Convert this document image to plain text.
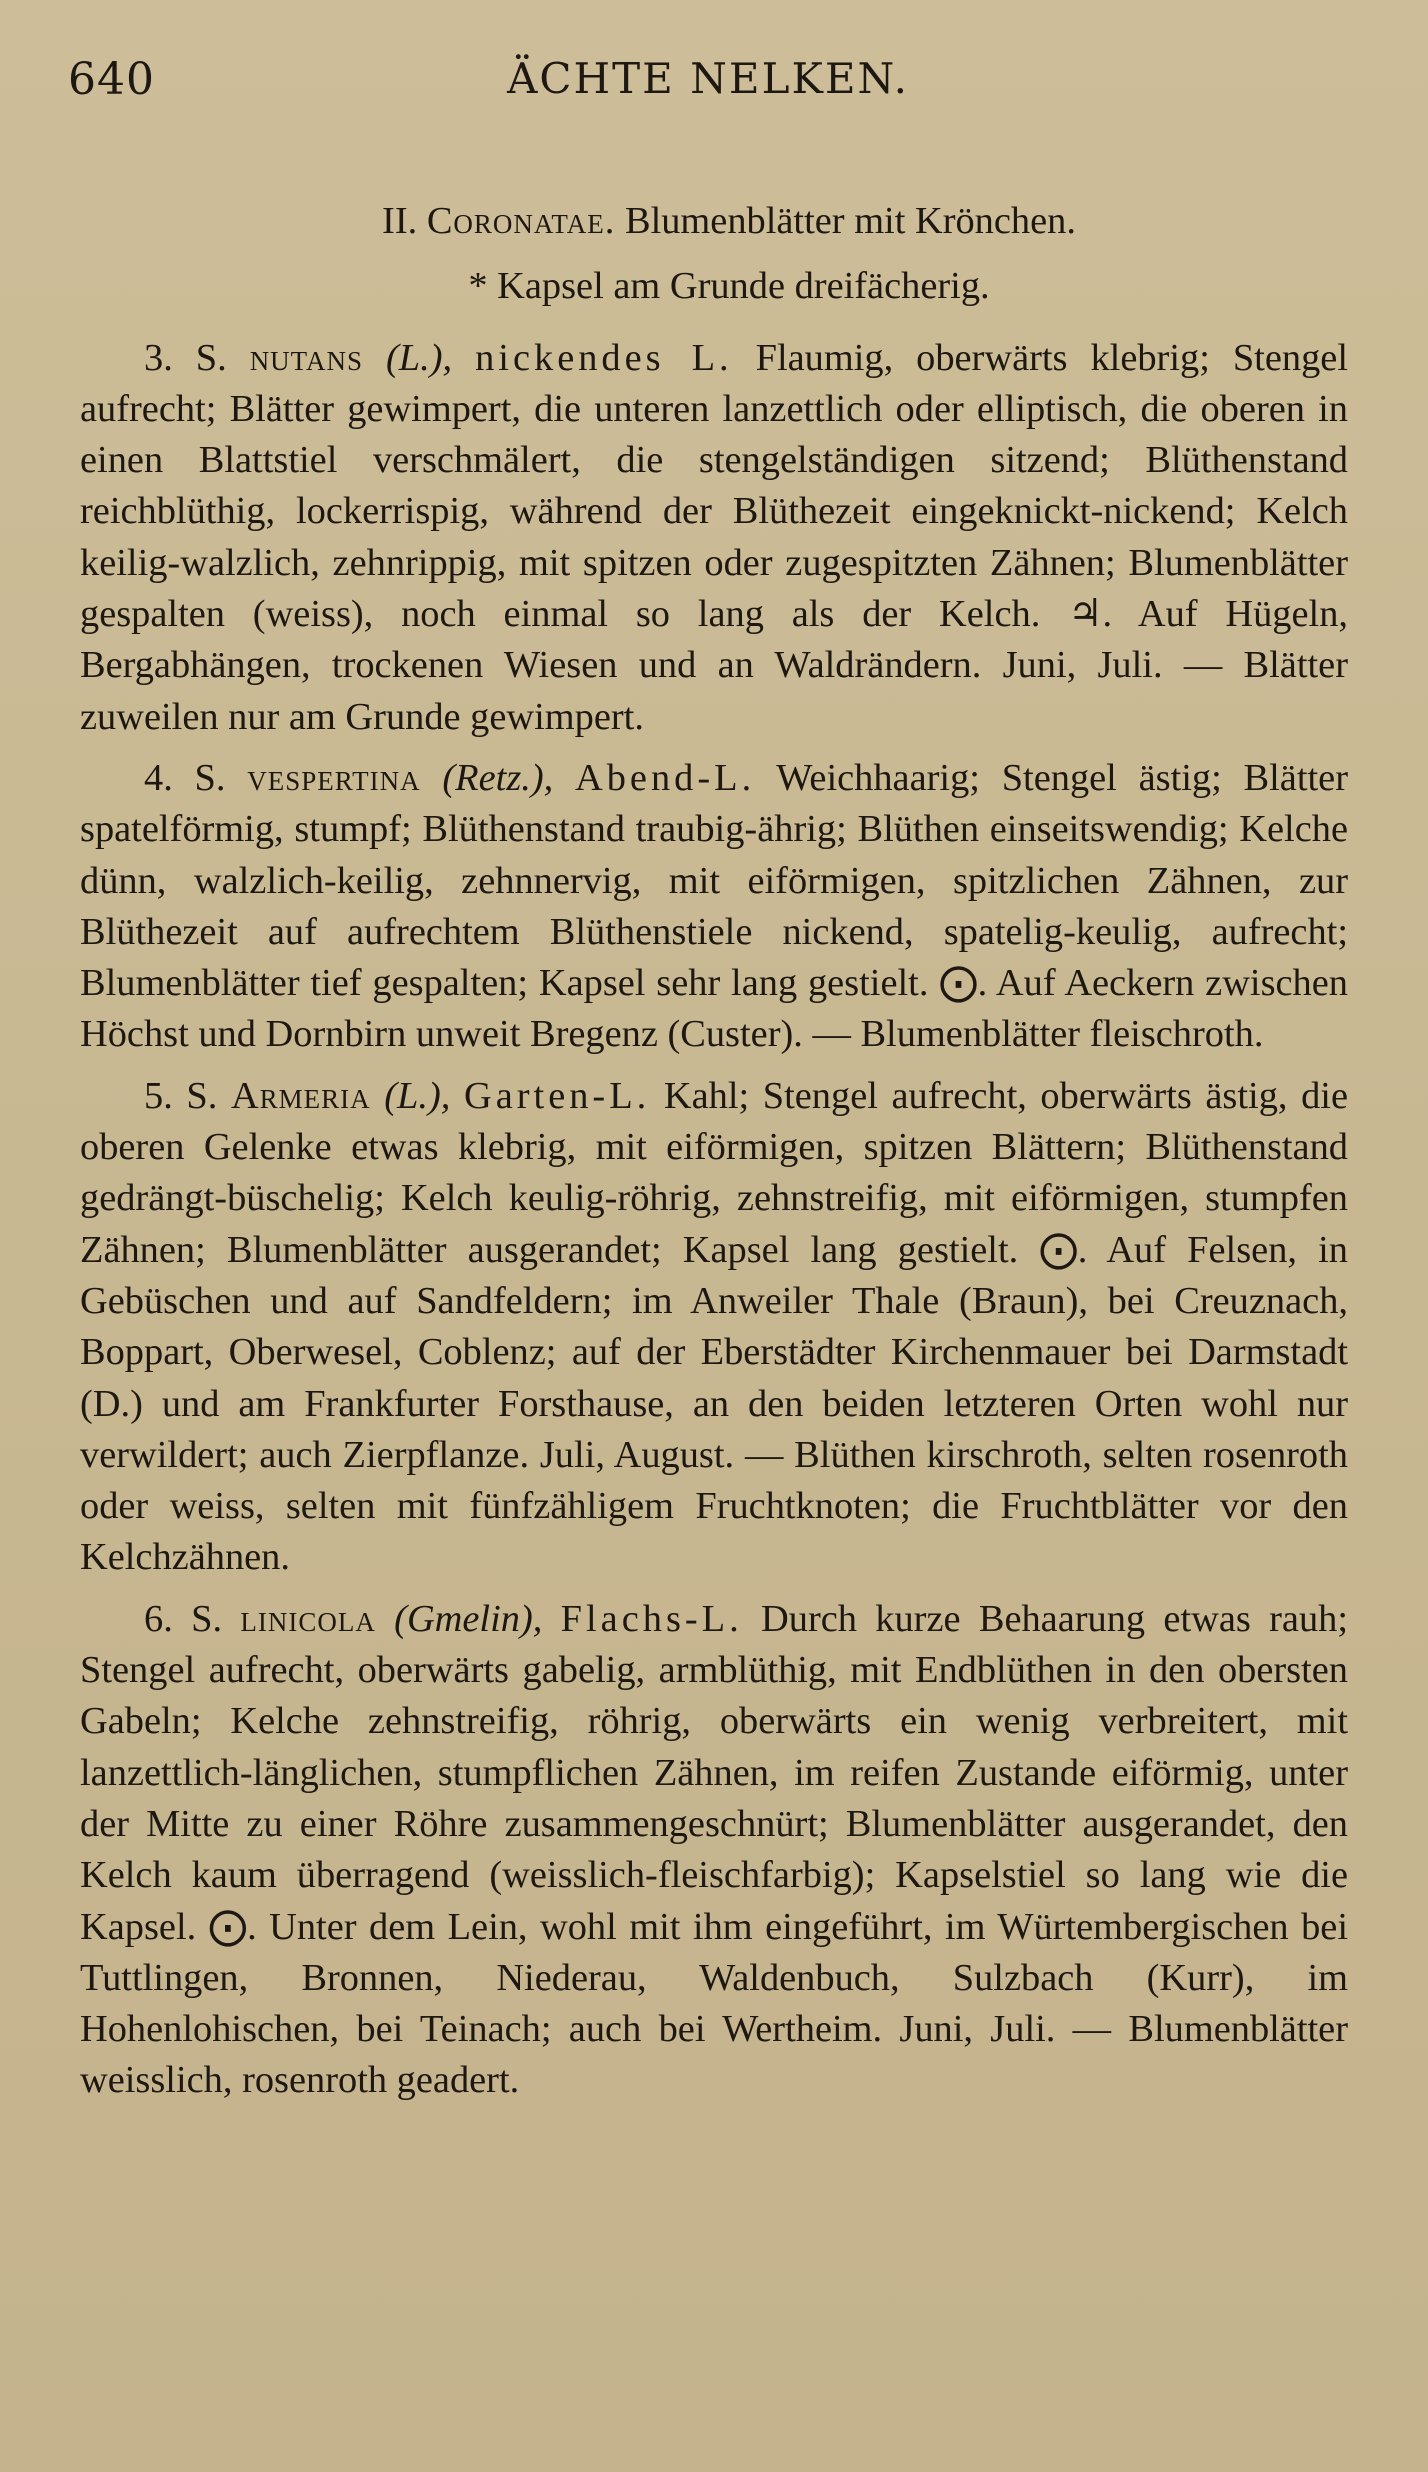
640	ÄCHTE NELKEN.
II. Coronatae. Blumenblätter mit Krönchen.
* Kapsel am Grunde dreifächerig.

3. S. nutans (L.), nickendes L. Flaumig, oberwärts klebrig; Stengel aufrecht; Blätter gewimpert, die unteren lanzettlich oder elliptisch, die oberen in einen Blattstiel verschmälert, die stengelständigen sitzend; Blüthenstand reichblüthig, lockerrispig, während der Blüthezeit eingeknickt-nickend; Kelch keilig-walzlich, zehnrippig, mit spitzen oder zugespitzten Zähnen; Blumenblätter gespalten (weiss), noch einmal so lang als der Kelch. ♃. Auf Hügeln, Bergabhängen, trockenen Wiesen und an Waldrändern. Juni, Juli. — Blätter zuweilen nur am Grunde gewimpert.

4. S. vespertina (Retz.), Abend-L. Weichhaarig; Stengel ästig; Blätter spatelförmig, stumpf; Blüthenstand traubig-ährig; Blüthen einseitswendig; Kelche dünn, walzlich-keilig, zehnnervig, mit eiförmigen, spitzlichen Zähnen, zur Blüthezeit auf aufrechtem Blüthenstiele nickend, spatelig-keulig, aufrecht; Blumenblätter tief gespalten; Kapsel sehr lang gestielt. ⨀. Auf Aeckern zwischen Höchst und Dornbirn unweit Bregenz (Custer). — Blumenblätter fleischroth.

5. S. Armeria (L.), Garten-L. Kahl; Stengel aufrecht, oberwärts ästig, die oberen Gelenke etwas klebrig, mit eiförmigen, spitzen Blättern; Blüthenstand gedrängt-büschelig; Kelch keulig-röhrig, zehnstreifig, mit eiförmigen, stumpfen Zähnen; Blumenblätter ausgerandet; Kapsel lang gestielt. ⨀. Auf Felsen, in Gebüschen und auf Sandfeldern; im Anweiler Thale (Braun), bei Creuznach, Boppart, Oberwesel, Coblenz; auf der Eberstädter Kirchenmauer bei Darmstadt (D.) und am Frankfurter Forsthause, an den beiden letzteren Orten wohl nur verwildert; auch Zierpflanze. Juli, August. — Blüthen kirschroth, selten rosenroth oder weiss, selten mit fünfzähligem Fruchtknoten; die Fruchtblätter vor den Kelchzähnen.

6. S. linicola (Gmelin), Flachs-L. Durch kurze Behaarung etwas rauh; Stengel aufrecht, oberwärts gabelig, armblüthig, mit Endblüthen in den obersten Gabeln; Kelche zehnstreifig, röhrig, oberwärts ein wenig verbreitert, mit lanzettlich-länglichen, stumpflichen Zähnen, im reifen Zustande eiförmig, unter der Mitte zu einer Röhre zusammengeschnürt; Blumenblätter ausgerandet, den Kelch kaum überragend (weisslich-fleischfarbig); Kapselstiel so lang wie die Kapsel. ⨀. Unter dem Lein, wohl mit ihm eingeführt, im Würtembergischen bei Tuttlingen, Bronnen, Niederau, Waldenbuch, Sulzbach (Kurr), im Hohenlohischen, bei Teinach; auch bei Wertheim. Juni, Juli. — Blumenblätter weisslich, rosenroth geadert.
